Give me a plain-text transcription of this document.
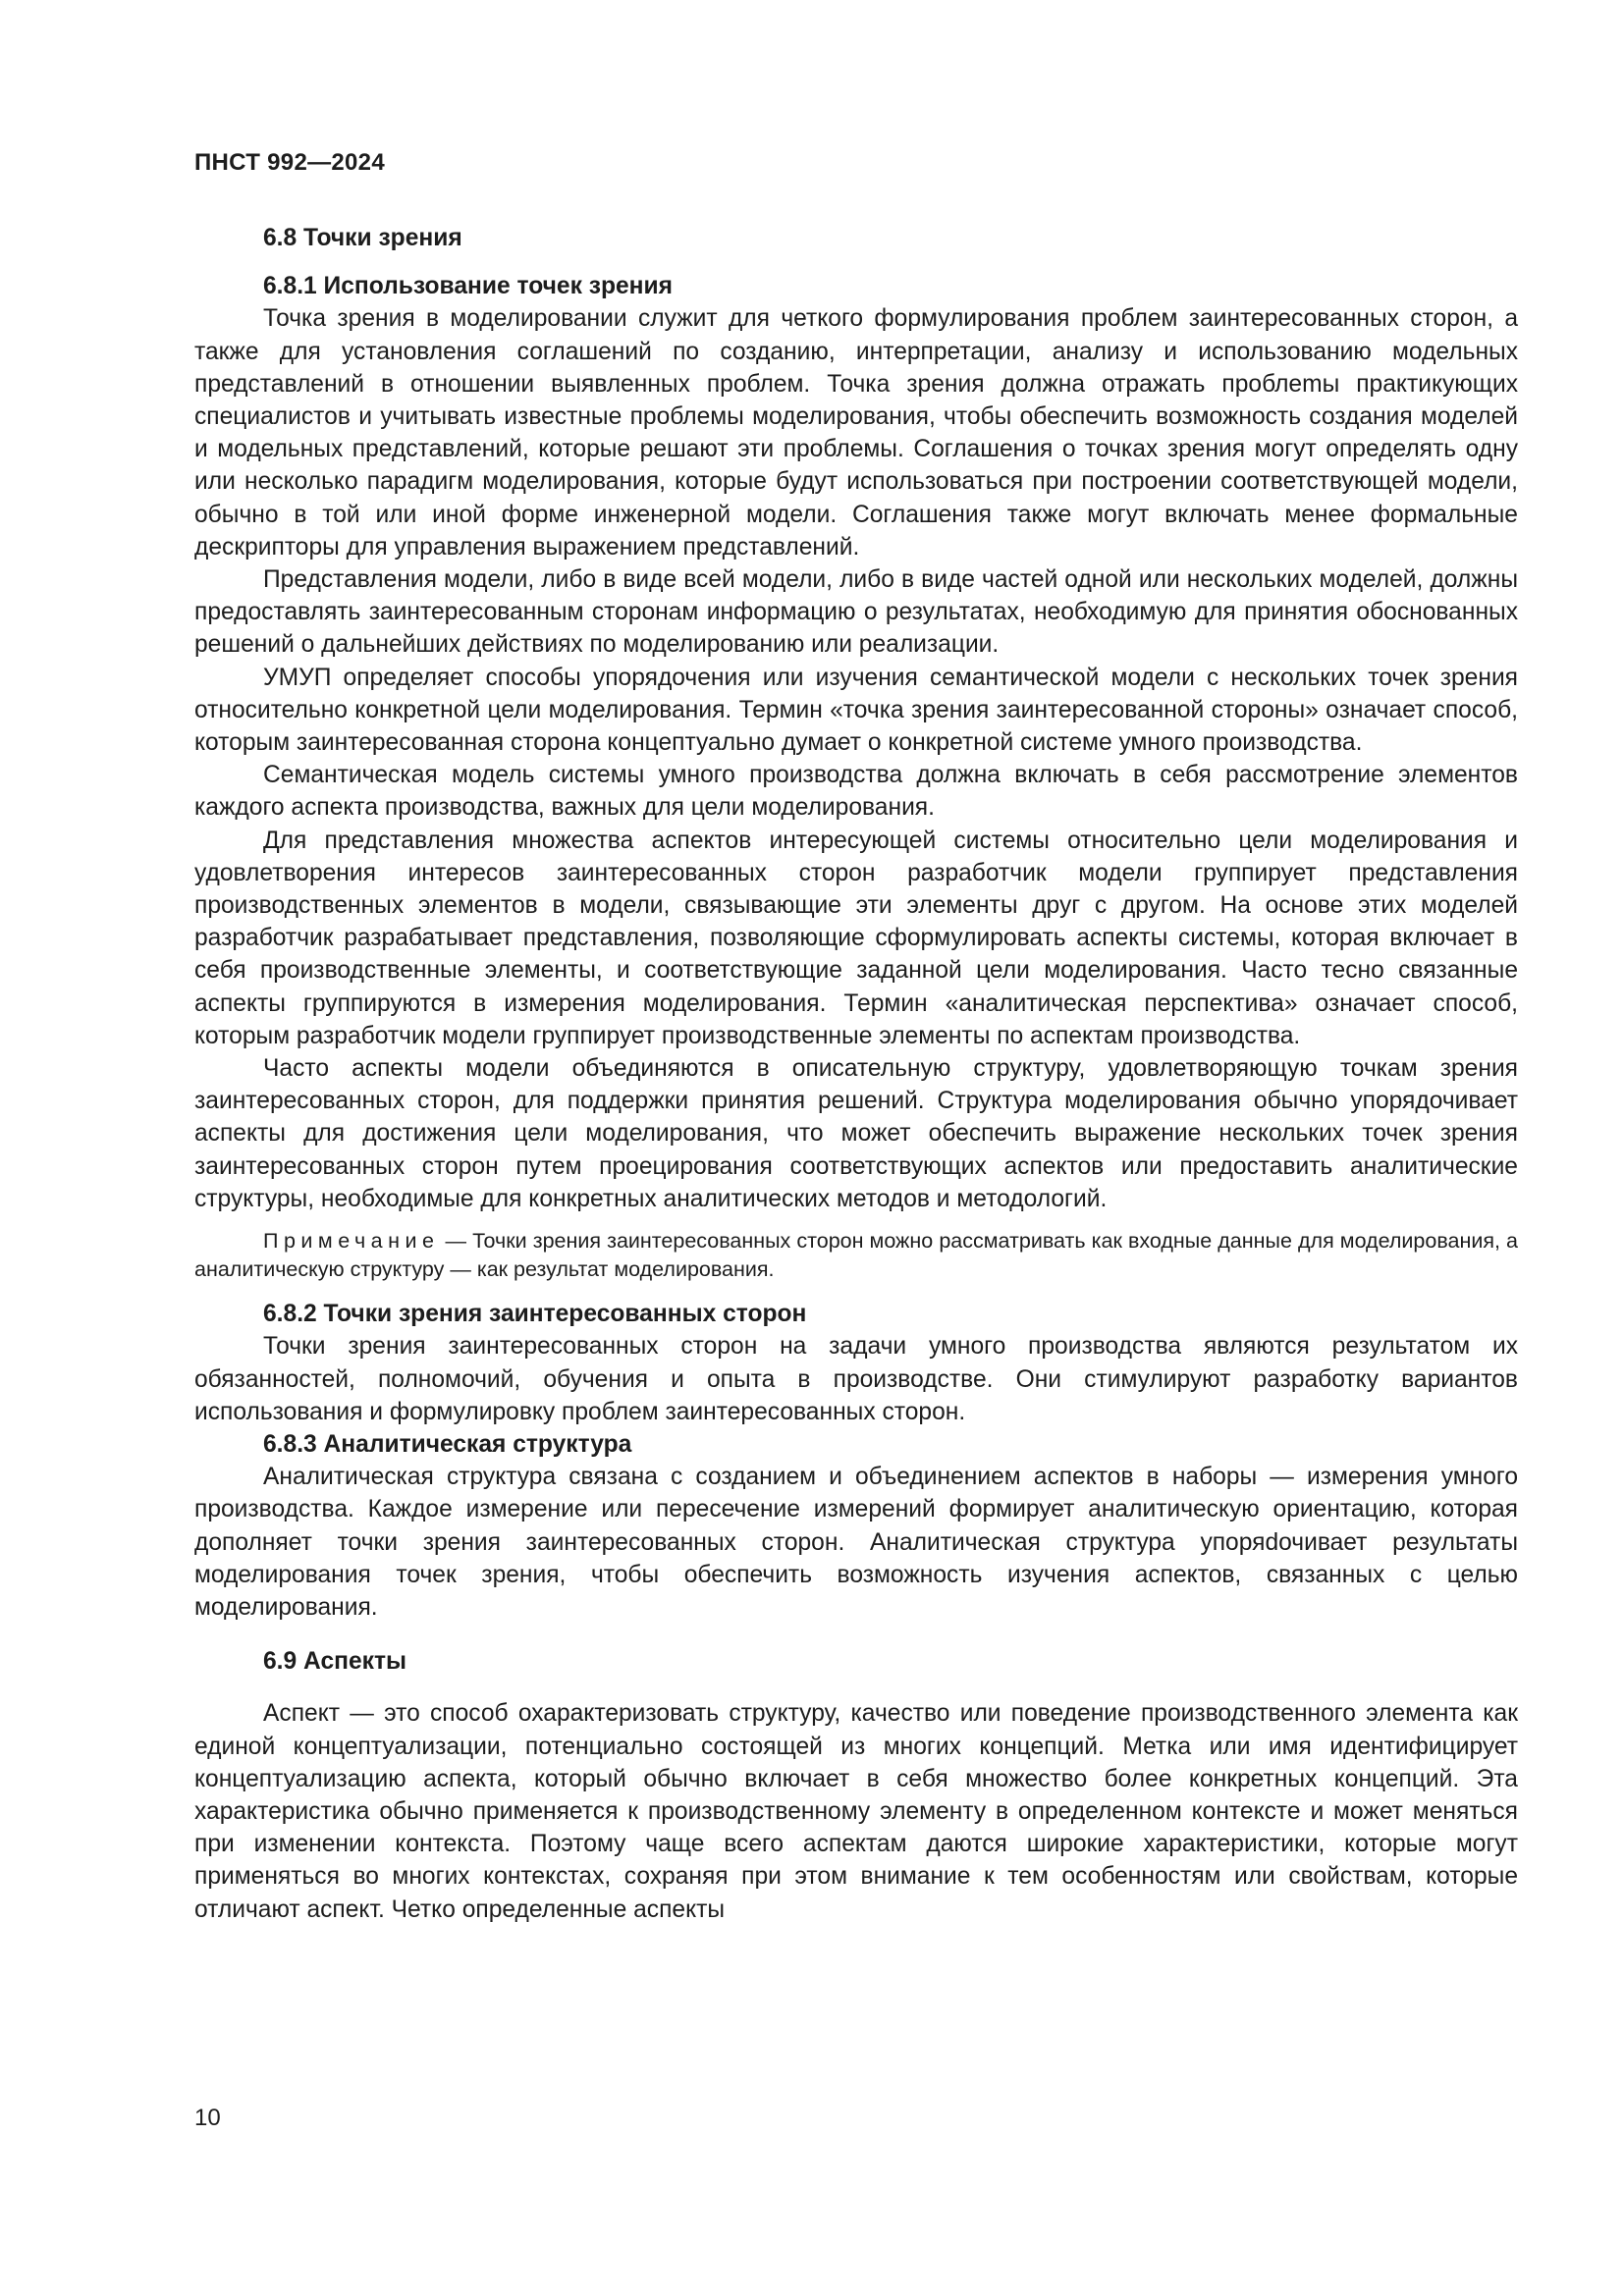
ПНСТ 992—2024
6.8 Точки зрения
6.8.1 Использование точек зрения

Точка зрения в моделировании служит для четкого формулирования проблем заинтересованных сторон, а также для установления соглашений по созданию, интерпретации, анализу и использованию модельных представлений в отношении выявленных проблем. Точка зрения должна отражать проблеmы практикующих специалистов и учитывать известные проблемы моделирования, чтобы обеспечить возможность создания моделей и модельных представлений, которые решают эти проблемы. Соглашения о точках зрения могут определять одну или несколько парадигм моделирования, которые будут использоваться при построении соответствующей модели, обычно в той или иной форме инженерной модели. Соглашения также могут включать менее формальные дескрипторы для управления выражением представлений.

Представления модели, либо в виде всей модели, либо в виде частей одной или нескольких моделей, должны предоставлять заинтересованным сторонам информацию о результатах, необходимую для принятия обоснованных решений о дальнейших действиях по моделированию или реализации.

УМУП определяет способы упорядочения или изучения семантической модели с нескольких точек зрения относительно конкретной цели моделирования. Термин «точка зрения заинтересованной стороны» означает способ, которым заинтересованная сторона концептуально думает о конкретной системе умного производства.

Семантическая модель системы умного производства должна включать в себя рассмотрение элементов каждого аспекта производства, важных для цели моделирования.

Для представления множества аспектов интересующей системы относительно цели моделирования и удовлетворения интересов заинтересованных сторон разработчик модели группирует представления производственных элементов в модели, связывающие эти элементы друг с другом. На основе этих моделей разработчик разрабатывает представления, позволяющие сформулировать аспекты системы, которая включает в себя производственные элементы, и соответствующие заданной цели моделирования. Часто тесно связанные аспекты группируются в измерения моделирования. Термин «аналитическая перспектива» означает способ, которым разработчик модели группирует производственные элементы по аспектам производства.

Часто аспекты модели объединяются в описательную структуру, удовлетворяющую точкам зрения заинтересованных сторон, для поддержки принятия решений. Структура моделирования обычно упорядочивает аспекты для достижения цели моделирования, что может обеспечить выражение нескольких точек зрения заинтересованных сторон путем проецирования соответствующих аспектов или предоставить аналитические структуры, необходимые для конкретных аналитических методов и методологий.

Примечание — Точки зрения заинтересованных сторон можно рассматривать как входные данные для моделирования, а аналитическую структуру — как результат моделирования.

6.8.2 Точки зрения заинтересованных сторон

Точки зрения заинтересованных сторон на задачи умного производства являются результатом их обязанностей, полномочий, обучения и опыта в производстве. Они стимулируют разработку вариантов использования и формулировку проблем заинтересованных сторон.

6.8.3 Аналитическая структура

Аналитическая структура связана с созданием и объединением аспектов в наборы — измерения умного производства. Каждое измерение или пересечение измерений формирует аналитическую ориентацию, которая дополняет точки зрения заинтересованных сторон. Аналитическая структура упоряdочивает результаты моделирования точек зрения, чтобы обеспечить возможность изучения аспектов, связанных с целью моделирования.

6.9 Аспекты

Аспект — это способ охарактеризовать структуру, качество или поведение производственного элемента как единой концептуализации, потенциально состоящей из многих концепций. Метка или имя идентифицирует концептуализацию аспекта, который обычно включает в себя множество более конкретных концепций. Эта характеристика обычно применяется к производственному элементу в определенном контексте и может меняться при изменении контекста. Поэтому чаще всего аспектам даются широкие характеристики, которые могут применяться во многих контекстах, сохраняя при этом внимание к тем особенностям или свойствам, которые отличают аспект. Четко определенные аспекты

10
